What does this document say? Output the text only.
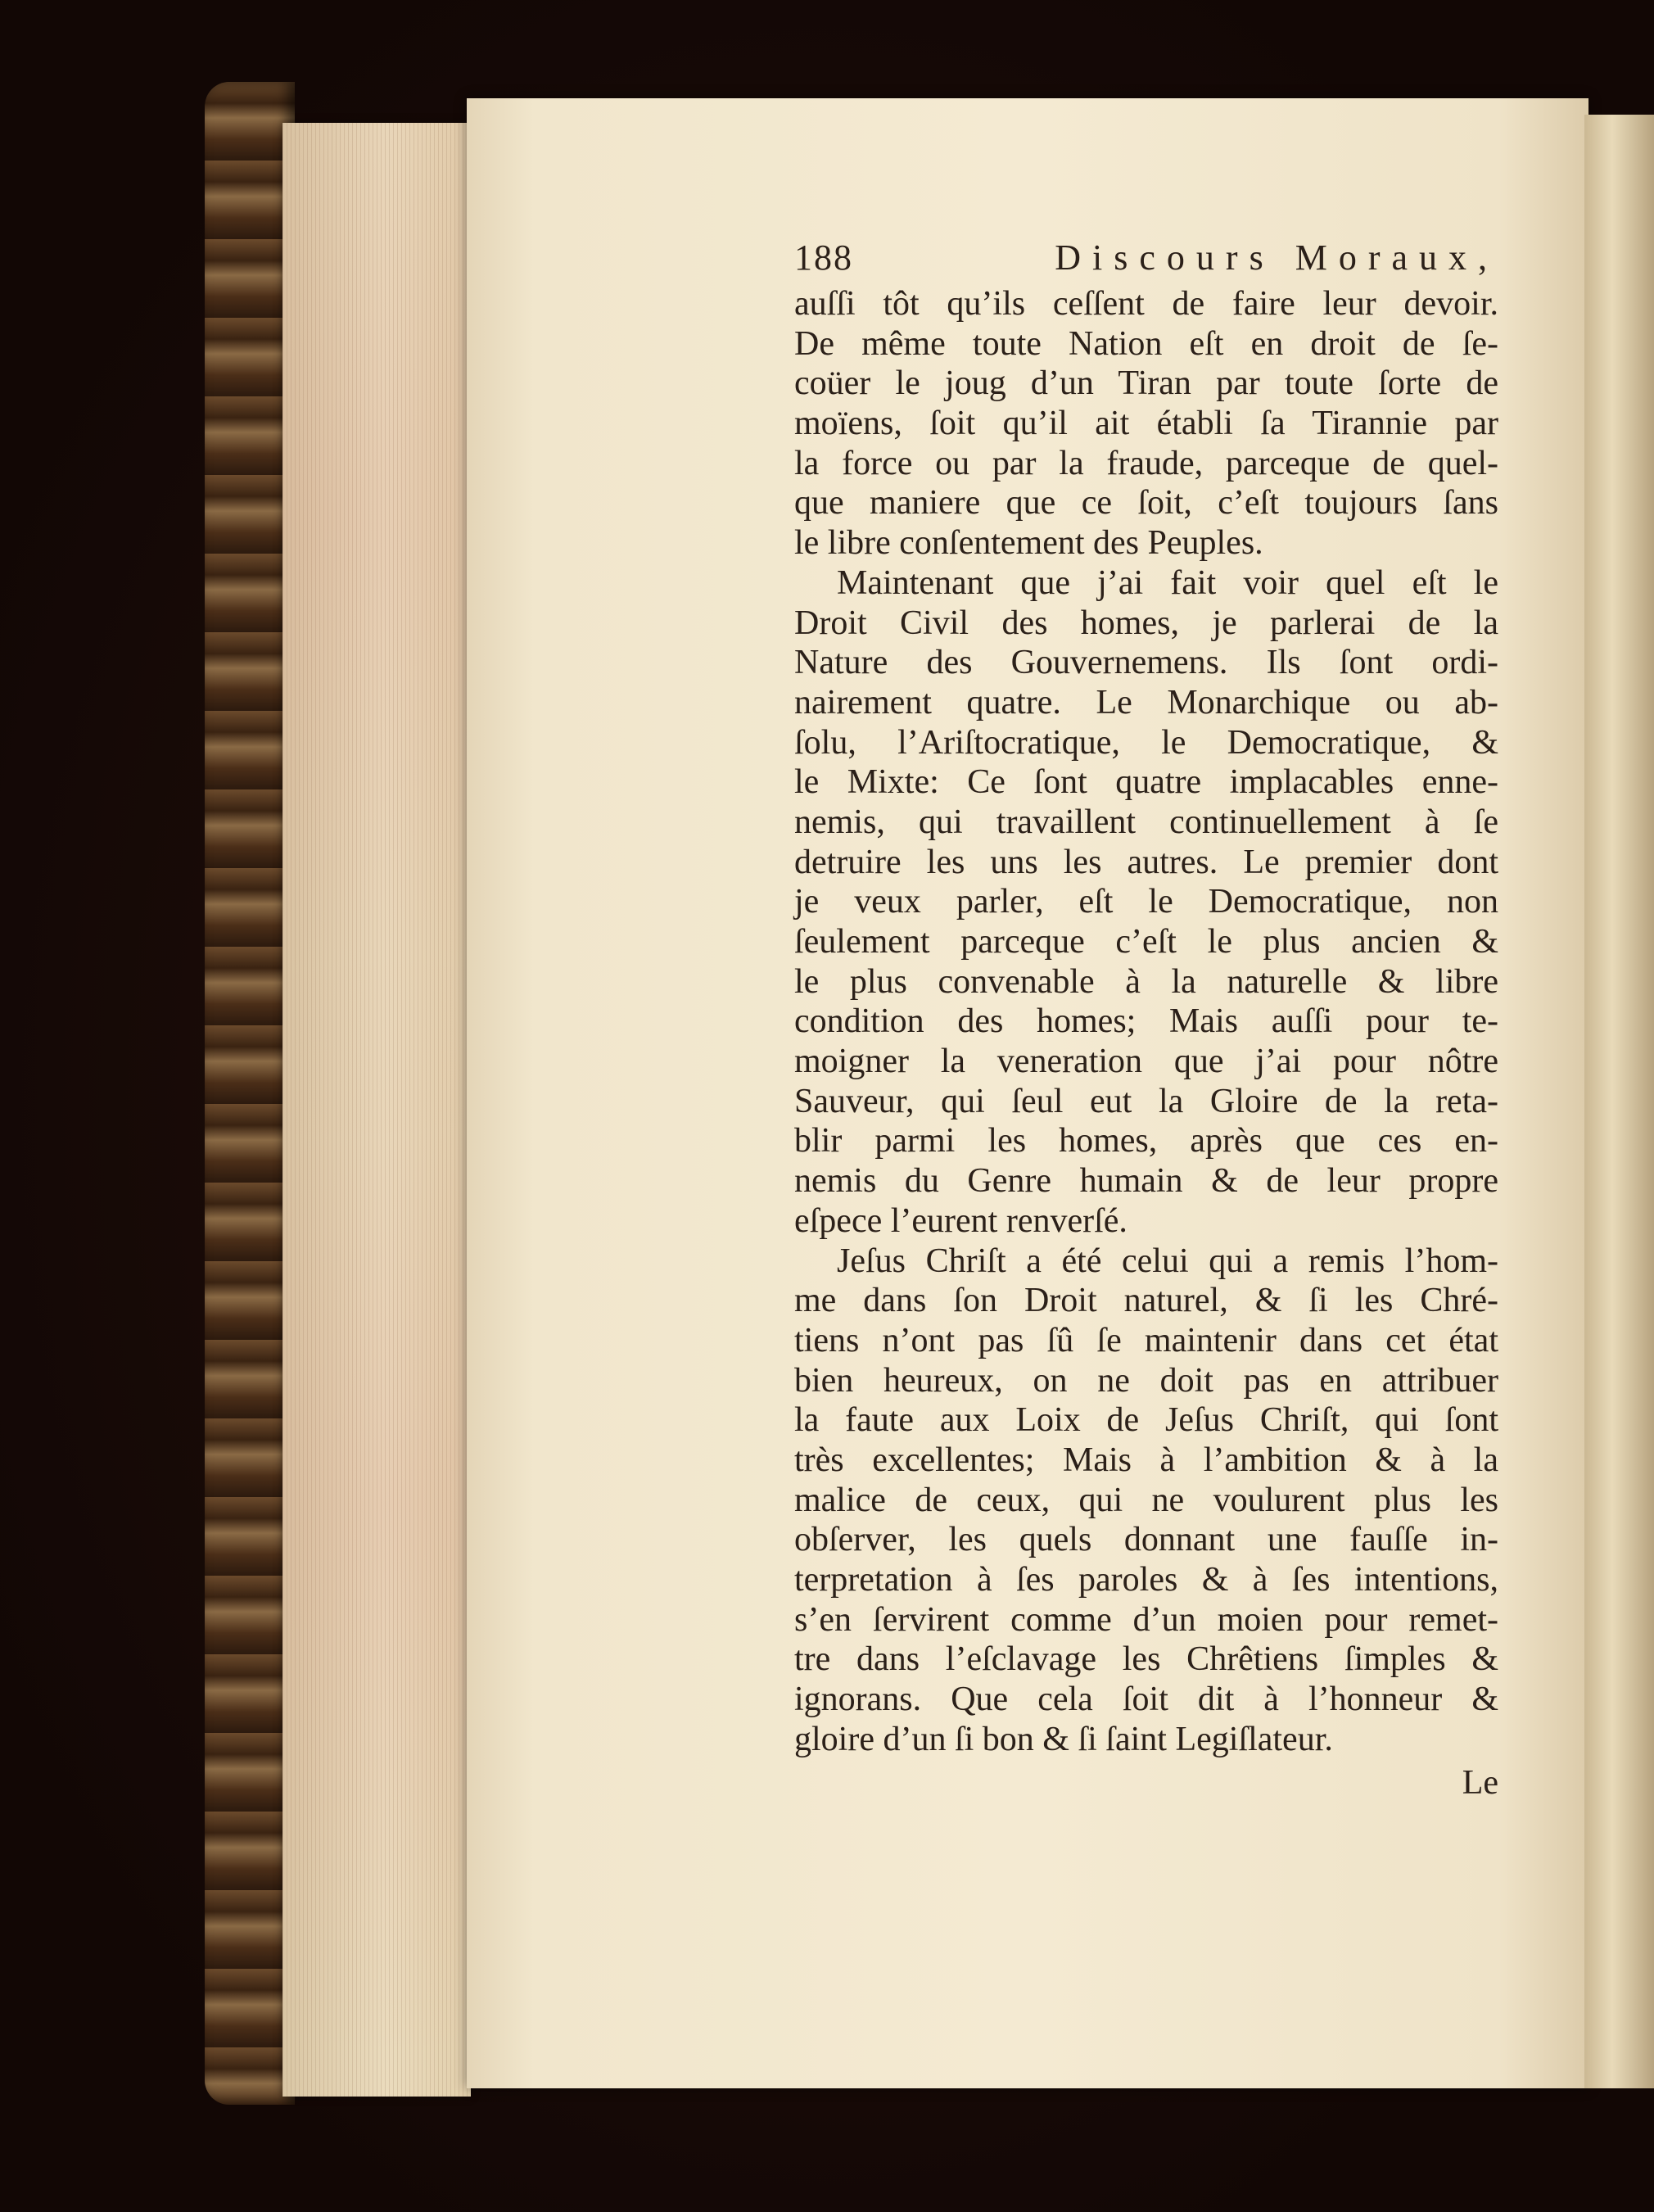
188	Discours Moraux,
auſſi tôt qu’ils ceſſent de faire leur devoir.
De même toute Nation eſt en droit de ſe-
coüer le joug d’un Tiran par toute ſorte de
moïens, ſoit qu’il ait établi ſa Tirannie par
la force ou par la fraude, parceque de quel-
que maniere que ce ſoit, c’eſt toujours ſans
le libre conſentement des Peuples.
Maintenant que j’ai fait voir quel eſt le
Droit Civil des homes, je parlerai de la
Nature des Gouvernemens. Ils ſont ordi-
nairement quatre. Le Monarchique ou ab-
ſolu, l’Ariſtocratique, le Democratique, &
le Mixte: Ce ſont quatre implacables enne-
nemis, qui travaillent continuellement à ſe
detruire les uns les autres. Le premier dont
je veux parler, eſt le Democratique, non
ſeulement parceque c’eſt le plus ancien &
le plus convenable à la naturelle & libre
condition des homes; Mais auſſi pour te-
moigner la veneration que j’ai pour nôtre
Sauveur, qui ſeul eut la Gloire de la reta-
blir parmi les homes, après que ces en-
nemis du Genre humain & de leur propre
eſpece l’eurent renverſé.
Jeſus Chriſt a été celui qui a remis l’hom-
me dans ſon Droit naturel, & ſi les Chré-
tiens n’ont pas ſû ſe maintenir dans cet état
bien heureux, on ne doit pas en attribuer
la faute aux Loix de Jeſus Chriſt, qui ſont
très excellentes; Mais à l’ambition & à la
malice de ceux, qui ne voulurent plus les
obſerver, les quels donnant une fauſſe in-
terpretation à ſes paroles & à ſes intentions,
s’en ſervirent comme d’un moien pour remet-
tre dans l’eſclavage les Chrêtiens ſimples &
ignorans. Que cela ſoit dit à l’honneur &
gloire d’un ſi bon & ſi ſaint Legiſlateur.
Le
